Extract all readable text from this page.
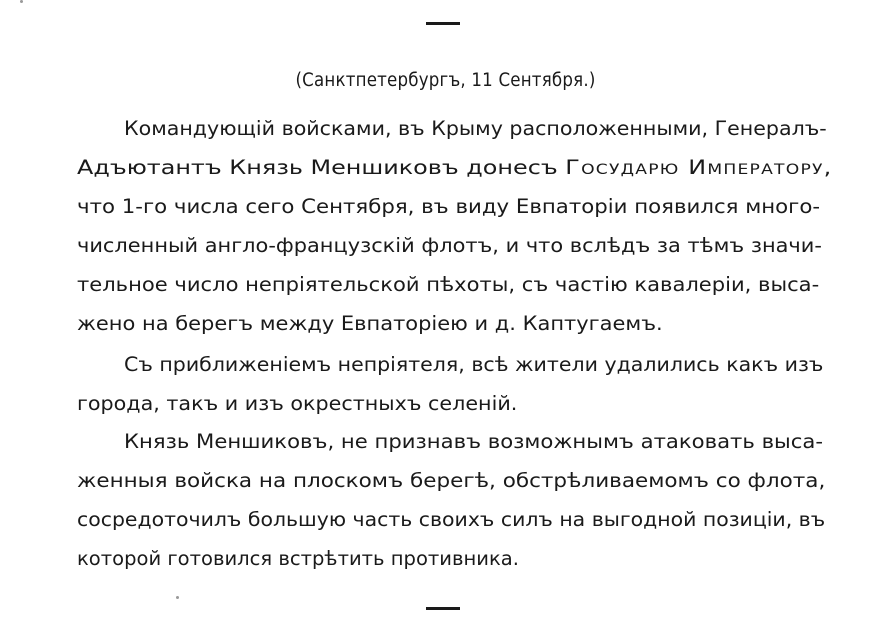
(Санктпетербургъ, 11 Сентября.)
Командующій войсками, въ Крыму расположенными, Генералъ-
Адъютантъ Князь Меншиковъ донесъ Государю Императору,
что 1-го числа сего Сентября, въ виду Евпаторіи появился много-
численный англо-французскій флотъ, и что вслѣдъ за тѣмъ значи-
тельное число непріятельской пѣхоты, съ частію кавалеріи, выса-
жено на берегъ между Евпаторіею и д. Каптугаемъ.
Съ приближеніемъ непріятеля, всѣ жители удалились какъ изъ
города, такъ и изъ окрестныхъ селеній.
Князь Меншиковъ, не признавъ возможнымъ атаковать выса-
женныя войска на плоскомъ берегѣ, обстрѣливаемомъ со флота,
сосредоточилъ большую часть своихъ силъ на выгодной позиціи, въ
которой готовился встрѣтить противника.
